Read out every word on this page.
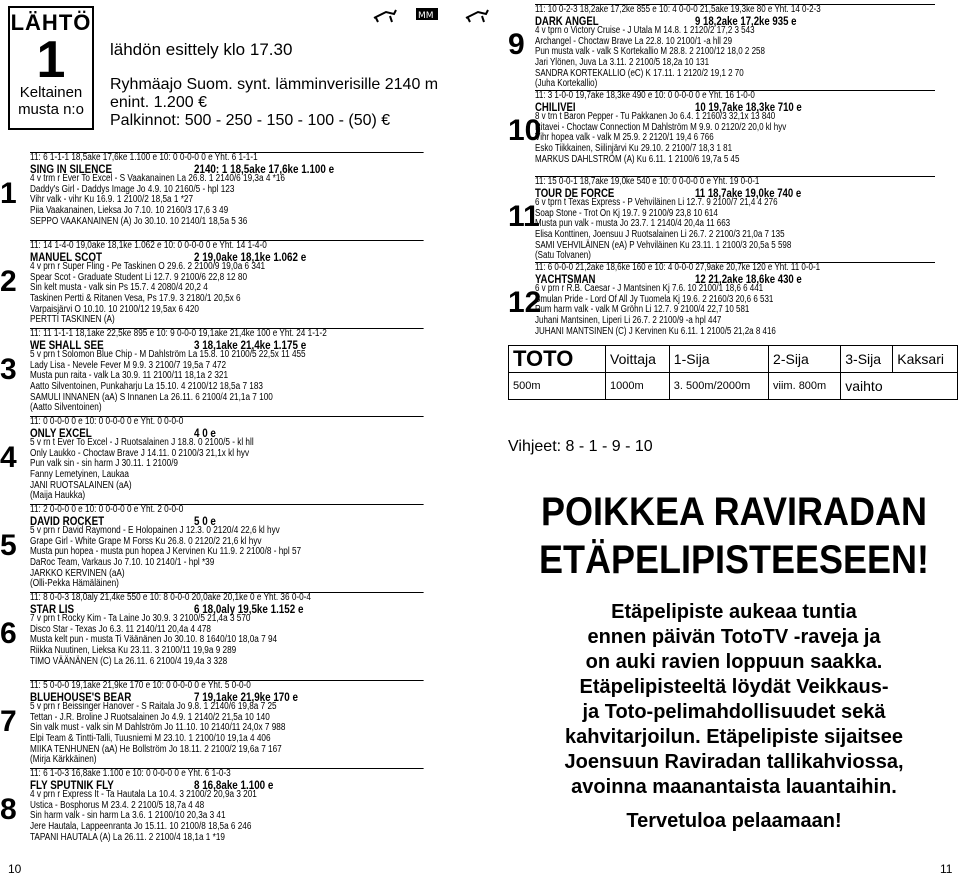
LÄHTÖ
1
Keltainen musta n:o
MM
lähdön esittely klo 17.30
Ryhmäajo Suom. synt. lämminverisille 2140 m
enint. 1.200 €
Palkinnot: 500 - 250 - 150 - 100 - (50) €
1
11: 6 1-1-1 18,5ake 17,6ke 1.100 e 10: 0 0-0-0 0 e Yht. 6 1-1-1
SING IN SILENCE	2140: 1 18,5ake 17,6ke 1.100 e
4 v trm r Ever To Excel - S Vaakanainen La 26.8. 1 2140/6 19,3a 4 *16
Daddy's Girl - Daddys Image Jo 4.9. 10 2160/5 - hpl 123
Vihr valk - vihr Ku 16.9. 1 2100/2 18,5a 1 *27
Piia Vaakanainen, Lieksa Jo 7.10. 10 2160/3 17,6 3 49
SEPPO VAAKANAINEN (A) Jo 30.10. 10 2140/1 18,5a 5 36
2
11: 14 1-4-0 19,0ake 18,1ke 1.062 e 10: 0 0-0-0 0 e Yht. 14 1-4-0
MANUEL SCOT	2 19,0ake 18,1ke 1.062 e
4 v prn r Super Fling - Pe Taskinen O 29.6. 2 2100/9 19,0a 6 341
Spear Scot - Graduate Student Li 12.7. 9 2100/6 22,8 12 80
Sin kelt musta - valk sin Ps 15.7. 4 2080/4 20,2 4
Taskinen Pertti & Ritanen Vesa, Ps 17.9. 3 2180/1 20,5x 6
Varpaisjärvi O 10.10. 10 2100/12 19,5ax 6 420
PERTTI TASKINEN (A)
3
11: 11 1-1-1 18,1ake 22,5ke 895 e 10: 9 0-0-0 19,1ake 21,4ke 100 e Yht. 24 1-1-2
WE SHALL SEE	3 18,1ake 21,4ke 1.175 e
5 v prn t Solomon Blue Chip - M Dahlström La 15.8. 10 2100/5 22,5x 11 455
Lady Lisa - Nevele Fever M 9.9. 3 2100/7 19,5a 7 472
Musta pun raita - valk La 30.9. 11 2100/11 18,1a 2 321
Aatto Silventoinen, Punkaharju La 15.10. 4 2100/12 18,5a 7 183
SAMULI INNANEN (aA) S Innanen La 26.11. 6 2100/4 21,1a 7 100
(Aatto Silventoinen)
4
11: 0 0-0-0 0 e 10: 0 0-0-0 0 e Yht. 0 0-0-0
ONLY EXCEL	4 0 e
5 v rn t Ever To Excel - J Ruotsalainen J 18.8. 0 2100/5 - kl hll
Only Laukko - Choctaw Brave J 14.11. 0 2100/3 21,1x kl hyv
Pun valk sin - sin harm J 30.11. 1 2100/9
Fanny Lemetyinen, Laukaa
JANI RUOTSALAINEN (aA)
(Maija Haukka)
5
11: 2 0-0-0 0 e 10: 0 0-0-0 0 e Yht. 2 0-0-0
DAVID ROCKET	5 0 e
5 v prn r David Raymond - E Holopainen J 12.3. 0 2120/4 22,6 kl hyv
Grape Girl - White Grape M Forss Ku 26.8. 0 2120/2 21,6 kl hyv
Musta pun hopea - musta pun hopea J Kervinen Ku 11.9. 2 2100/8 - hpl 57
DaRoc Team, Varkaus Jo 7.10. 10 2140/1 - hpl *39
JARKKO KERVINEN (aA)
(Olli-Pekka Hämäläinen)
6
11: 8 0-0-3 18,0aly 21,4ke 550 e 10: 8 0-0-0 20,0ake 20,1ke 0 e Yht. 36 0-0-4
STAR LIS	6 18,0aly 19,5ke 1.152 e
7 v prn t Rocky Kim - Ta Laine Jo 30.9. 3 2100/5 21,4a 3 570
Disco Star - Texas Jo 6.3. 11 2140/11 20,4a 4 478
Musta kelt pun - musta Ti Väänänen Jo 30.10. 8 1640/10 18,0a 7 94
Riikka Nuutinen, Lieksa Ku 23.11. 3 2100/11 19,9a 9 289
TIMO VÄÄNÄNEN (C) La 26.11. 6 2100/4 19,4a 3 328
7
11: 5 0-0-0 19,1ake 21,9ke 170 e 10: 0 0-0-0 0 e Yht. 5 0-0-0
BLUEHOUSE'S BEAR	7 19,1ake 21,9ke 170 e
5 v prn r Beissinger Hanover - S Raitala Jo 9.8. 1 2140/6 19,8a 7 25
Tettan - J.R. Broline J Ruotsalainen Jo 4.9. 1 2140/2 21,5a 10 140
Sin valk must - valk sin M Dahlström Jo 11.10. 10 2140/11 24,0x 7 988
Elpi Team & Tintti-Talli, Tuusniemi M 23.10. 1 2100/10 19,1a 4 406
MIIKA TENHUNEN (aA) He Bollström Jo 18.11. 2 2100/2 19,6a 7 167
(Mirja Kärkkäinen)
8
11: 6 1-0-3 16,8ake 1.100 e 10: 0 0-0-0 0 e Yht. 6 1-0-3
FLY SPUTNIK FLY	8 16,8ake 1.100 e
4 v prn r Express It - Ta Hautala La 10.4. 3 2100/2 20,9a 3 201
Ustica - Bosphorus M 23.4. 2 2100/5 18,7a 4 48
Sin harm valk - sin harm La 3.6. 1 2100/10 20,3a 3 41
Jere Hautala, Lappeenranta Jo 15.11. 10 2100/8 18,5a 6 246
TAPANI HAUTALA (A) La 26.11. 2 2100/4 18,1a 1 *19
9
11: 10 0-2-3 18,2ake 17,2ke 855 e 10: 4 0-0-0 21,5ake 19,3ke 80 e Yht. 14 0-2-3
DARK ANGEL	9 18,2ake 17,2ke 935 e
4 v tprn o Victory Cruise - J Utala M 14.8. 1 2120/2 17,2 3 543
Archangel - Choctaw Brave La 22.8. 10 2100/1 -a hll 29
Pun musta valk - valk S Kortekallio M 28.8. 2 2100/12 18,0 2 258
Jari Ylönen, Juva La 3.11. 2 2100/5 18,2a 10 131
SANDRA KORTEKALLIO (eC) K 17.11. 1 2120/2 19,1 2 70
(Juha Kortekallio)
10
11: 3 1-0-0 19,7ake 18,3ke 490 e 10: 0 0-0-0 0 e Yht. 16 1-0-0
CHILIVEI	10 19,7ake 18,3ke 710 e
8 v trn t Baron Pepper - Tu Pakkanen Jo 6.4. 1 2160/3 32,1x 13 840
Ritavei - Choctaw Connection M Dahlström M 9.9. 0 2120/2 20,0 kl hyv
Vihr hopea valk - valk M 25.9. 2 2120/1 19,4 6 766
Esko Tiikkainen, Siilinjärvi Ku 29.10. 2 2100/7 18,3 1 81
MARKUS DAHLSTRÖM (A) Ku 6.11. 1 2100/6 19,7a 5 45
11
11: 15 0-0-1 18,7ake 19,0ke 540 e 10: 0 0-0-0 0 e Yht. 19 0-0-1
TOUR DE FORCE	11 18,7ake 19,0ke 740 e
6 v tprn t Texas Express - P Vehviläinen Li 12.7. 9 2100/7 21,4 4 276
Soap Stone - Trot On Kj 19.7. 9 2100/9 23,8 10 614
Musta pun valk - musta Jo 23.7. 1 2140/4 20,4a 11 663
Elisa Konttinen, Joensuu J Ruotsalainen Li 26.7. 2 2100/3 21,0a 7 135
SAMI VEHVILÄINEN (eA) P Vehviläinen Ku 23.11. 1 2100/3 20,5a 5 598
(Satu Tolvanen)
12
11: 6 0-0-0 21,2ake 18,6ke 160 e 10: 4 0-0-0 27,9ake 20,7ke 120 e Yht. 11 0-0-1
YACHTSMAN	12 21,2ake 18,6ke 430 e
6 v prn r R.B. Caesar - J Mantsinen Kj 7.6. 10 2100/1 18,6 6 441
Smulan Pride - Lord Of All Jy Tuomela Kj 19.6. 2 2160/3 20,6 6 531
Pum harm valk - valk M Gröhn Li 12.7. 9 2100/4 22,7 10 581
Juhani Mantsinen, Liperi Li 26.7. 2 2100/9 -a hpl 447
JUHANI MANTSINEN (C) J Kervinen Ku 6.11. 1 2100/5 21,2a 8 416
TOTO	Voittaja	1-Sija	2-Sija	3-Sija	Kaksari
500m	1000m	3. 500m/2000m	viim. 800m	vaihto	
Vihjeet: 8 - 1 - 9 - 10
POIKKEA RAVIRADAN
ETÄPELIPISTEESEEN!
Etäpelipiste aukeaa tuntia
ennen päivän TotoTV -raveja ja
on auki ravien loppuun saakka.
Etäpelipisteeltä löydät Veikkaus-
ja Toto-pelimahdollisuudet sekä
kahvitarjoilun. Etäpelipiste sijaitsee
Joensuun Raviradan tallikahviossa,
avoinna maanantaista lauantaihin.
Tervetuloa pelaamaan!
10	11
